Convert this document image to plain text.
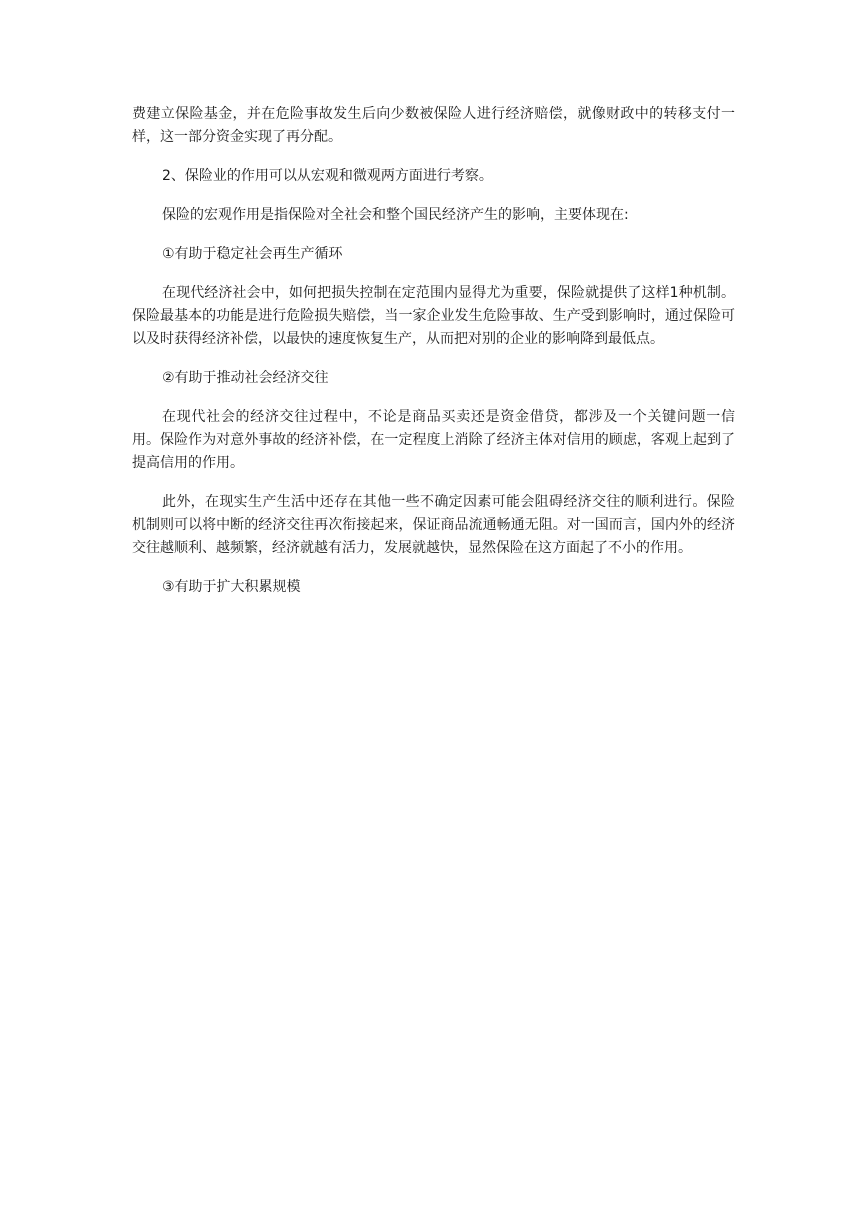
费建立保险基金，并在危险事故发生后向少数被保险人进行经济赔偿，就像财政中的转移支付一样，这一部分资金实现了再分配。

2、保险业的作用可以从宏观和微观两方面进行考察。

保险的宏观作用是指保险对全社会和整个国民经济产生的影响，主要体现在:

①有助于稳定社会再生产循环

在现代经济社会中，如何把损失控制在定范围内显得尤为重要，保险就提供了这样1种机制。保险最基本的功能是进行危险损失赔偿，当一家企业发生危险事故、生产受到影响时，通过保险可以及时获得经济补偿，以最快的速度恢复生产，从而把对别的企业的影响降到最低点。

②有助于推动社会经济交往

在现代社会的经济交往过程中，不论是商品买卖还是资金借贷，都涉及一个关键问题一信用。保险作为对意外事故的经济补偿，在一定程度上消除了经济主体对信用的顾虑，客观上起到了提高信用的作用。

此外，在现实生产生活中还存在其他一些不确定因素可能会阻碍经济交往的顺利进行。保险机制则可以将中断的经济交往再次衔接起来，保证商品流通畅通无阻。对一国而言，国内外的经济交往越顺利、越频繁，经济就越有活力，发展就越快，显然保险在这方面起了不小的作用。

③有助于扩大积累规模
